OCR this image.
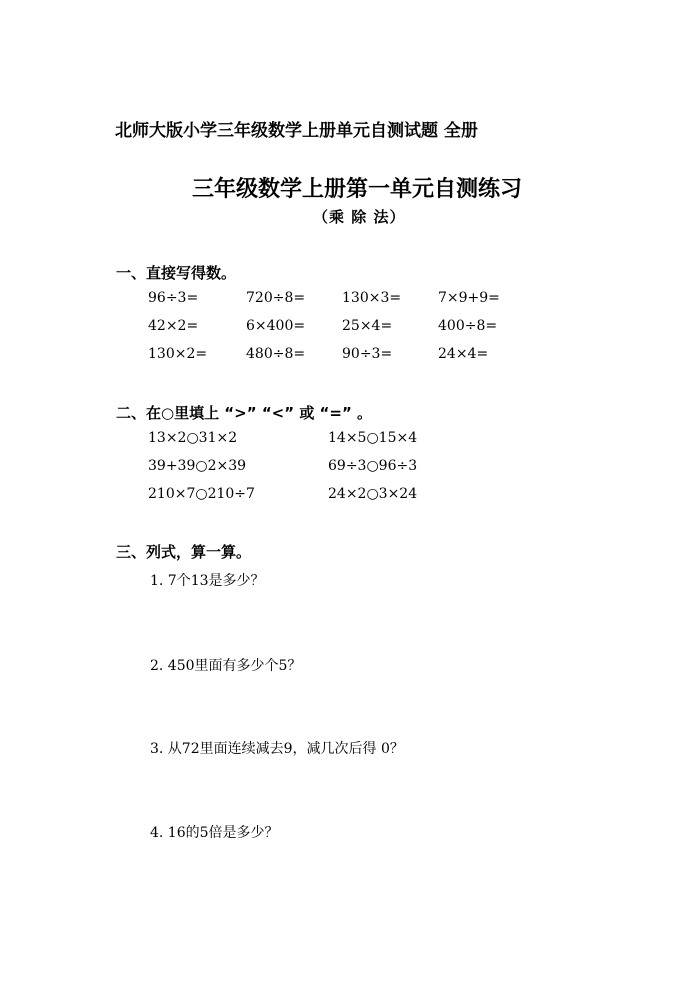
北师大版小学三年级数学上册单元自测试题 全册
三年级数学上册第一单元自测练习
（乘 除 法）
一、直接写得数。
96÷3=	720÷8=	130×3=	7×9+9=
42×2=	6×400=	25×4=	400÷8=
130×2=	480÷8=	90÷3=	24×4=
二、在○里填上 “>” “<” 或 “=” 。
13×2○31×2	14×5○15×4
39+39○2×39	69÷3○96÷3
210×7○210÷7	24×2○3×24
三、列式，算一算。
1. 7个13是多少？
2. 450里面有多少个5？
3. 从72里面连续减去9，减几次后得 0？
4. 16的5倍是多少？
